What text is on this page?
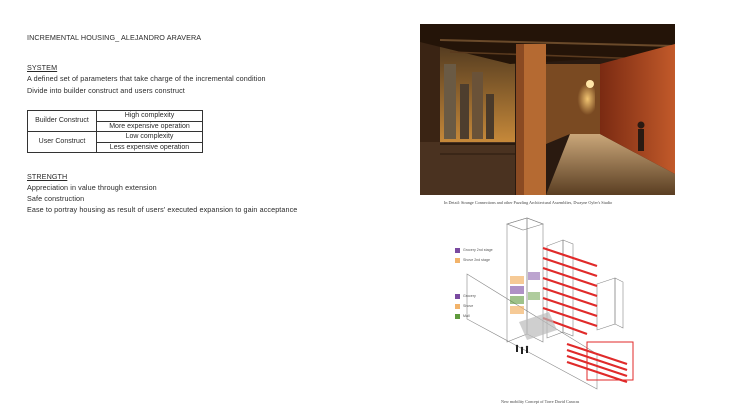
INCREMENTAL HOUSING_ ALEJANDRO ARAVERA
SYSTEM
A defined set of parameters that take charge of the incremental condition
Divide into builder construct and users construct
Builder Construct	High complexity
	More expensive operation
User Construct	Low complexity
	Less expensive operation
STRENGTH
Appreciation in value through extension
Safe construction
Ease to portray housing as result of users' executed expansion to gain acceptance
In Detail: Strange Connections and other Puzzling Architectural Assemblies, Dwayne Oyler's Studio
Grocery 2nd stage
Shove 2nd stage
Grocery
Shove
Mall
New mobility Concept of Torre David Caracas
